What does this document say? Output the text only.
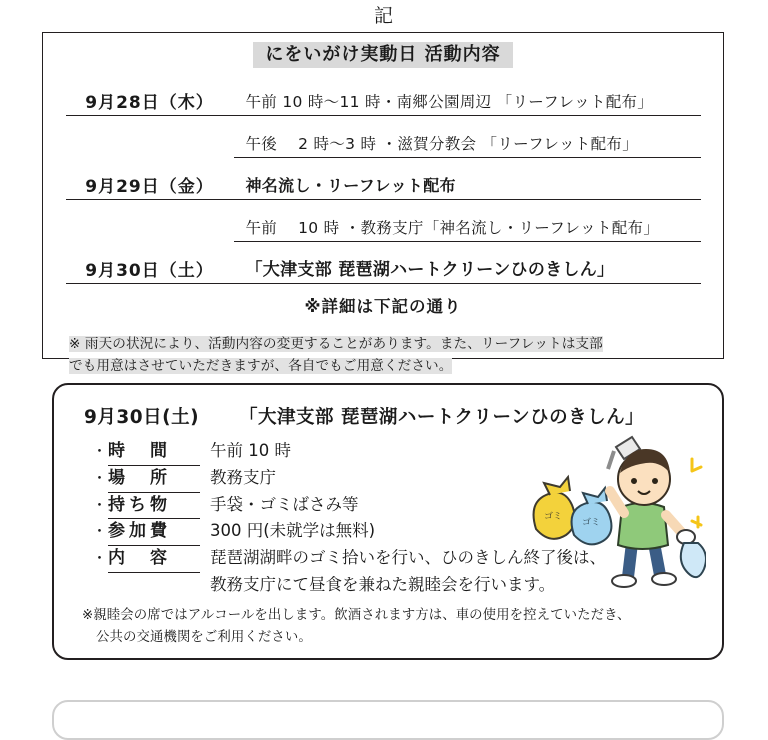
記
にをいがけ実動日 活動内容
9月28日（木）	午前 10 時〜11 時・南郷公園周辺 「リーフレット配布」
	午後 　2 時〜3 時 ・滋賀分教会 「リーフレット配布」
9月29日（金）	神名流し・リーフレット配布
	午前 　10 時 ・教務支庁「神名流し・リーフレット配布」
9月30日（土）	「大津支部 琵琶湖ハートクリーンひのきしん」
※詳細は下記の通り
※ 雨天の状況により、活動内容の変更することがあります。また、リーフレットは支部
でも用意はさせていただきますが、各自でもご用意ください。
9月30日(土) 「大津支部 琵琶湖ハートクリーンひのきしん」
・ 時　間	午前 10 時
・ 場　所	教務支庁
・ 持ち物	手袋・ゴミばさみ等
・ 参加費	300 円(未就学は無料)
・ 内　容	琵琶湖湖畔のゴミ拾いを行い、ひのきしん終了後は、
教務支庁にて昼食を兼ねた親睦会を行います。
※親睦会の席ではアルコールを出します。飲酒されます方は、車の使用を控えていただき、
公共の交通機関をご利用ください。
ゴミ
ゴミ
